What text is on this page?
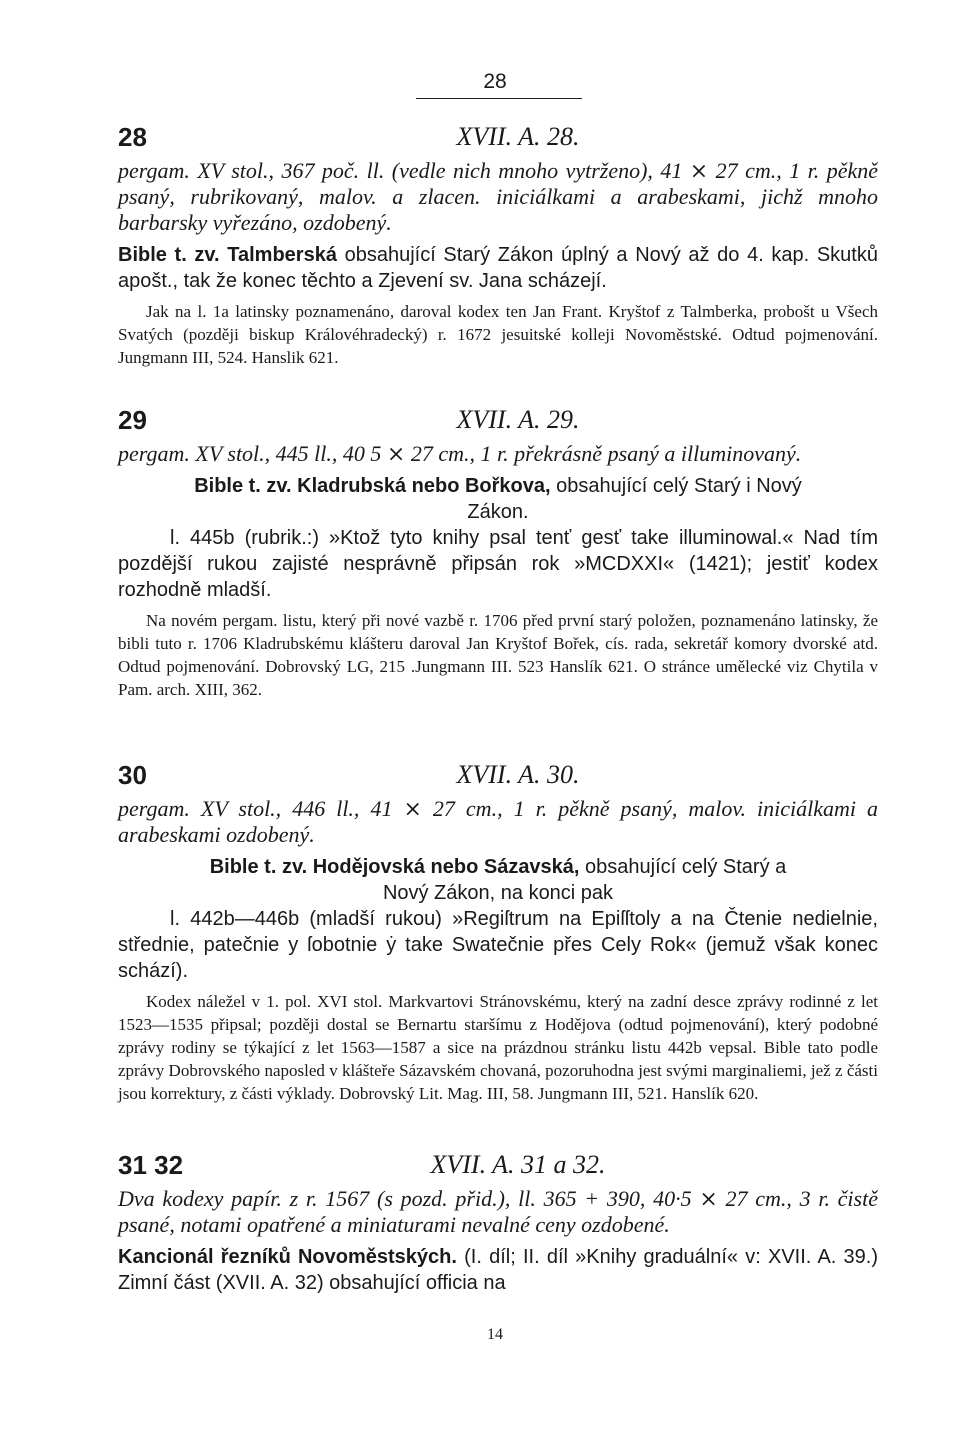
28
28	XVII. A. 28.

pergam. XV stol., 367 poč. ll. (vedle nich mnoho vytrženo), 41 ⨯ 27 cm., 1 r. pěkně psaný, rubrikovaný, malov. a zlacen. iniciálkami a arabeskami, jichž mnoho barbarsky vyřezáno, ozdobený.

Bible t. zv. Talmberská obsahující Starý Zákon úplný a Nový až do 4. kap. Skutků apošt., tak že konec těchto a Zjevení sv. Jana scházejí.

Jak na l. 1a latinsky poznamenáno, daroval kodex ten Jan Frant. Kryštof z Talmberka, probošt u Všech Svatých (později biskup Královéhradecký) r. 1672 jesuitské kolleji Novoměstské. Odtud pojmenování. Jungmann III, 524. Hanslik 621.

29	XVII. A. 29.

pergam. XV stol., 445 ll., 40 5 ⨯ 27 cm., 1 r. překrásně psaný a illuminovaný.

Bible t. zv. Kladrubská nebo Bořkova, obsahující celý Starý i Nový

Zákon.

l. 445b (rubrik.:) »Ktož tyto knihy psal tenť gesť take illuminowal.« Nad tím pozdější rukou zajisté nesprávně připsán rok »MCDXXI« (1421); jestiť kodex rozhodně mladší.

Na novém pergam. listu, který při nové vazbě r. 1706 před první starý položen, poznamenáno latinsky, že bibli tuto r. 1706 Kladrubskému klášteru daroval Jan Kryštof Bořek, cís. rada, sekretář komory dvorské atd. Odtud pojmenování. Dobrovský LG, 215 .Jungmann III. 523 Hanslík 621. O stránce umělecké viz Chytila v Pam. arch. XIII, 362.

30	XVII. A. 30.

pergam. XV stol., 446 ll., 41 ⨯ 27 cm., 1 r. pěkně psaný, malov. iniciálkami a arabeskami ozdobený.

Bible t. zv. Hodějovská nebo Sázavská, obsahující celý Starý a

Nový Zákon, na konci pak

l. 442b—446b (mladší rukou) »Regiſtrum na Epiſſtoly a na Čtenie nedielnie, střednie, patečnie y ſobotnie ẏ take Swatečnie přes Cely Rok« (jemuž však konec schází).

Kodex náležel v 1. pol. XVI stol. Markvartovi Stránovskému, který na zadní desce zprávy rodinné z let 1523—1535 připsal; později dostal se Bernartu staršímu z Hodějova (odtud pojmenování), který podobné zprávy rodiny se týkající z let 1563—1587 a sice na prázdnou stránku listu 442b vepsal. Bible tato podle zprávy Dobrovského naposled v klášteře Sázavském chovaná, pozoruhodna jest svými marginaliemi, jež z části jsou korrektury, z části výklady. Dobrovský Lit. Mag. III, 58. Jungmann III, 521. Hanslík 620.

31 32	XVII. A. 31 a 32.

Dva kodexy papír. z r. 1567 (s pozd. přid.), ll. 365 + 390, 40·5 ⨯ 27 cm., 3 r. čistě psané, notami opatřené a miniaturami nevalné ceny ozdobené.

Kancionál řezníků Novoměstských. (I. díl; II. díl »Knihy graduální« v: XVII. A. 39.) Zimní část (XVII. A. 32) obsahující officia na

14
